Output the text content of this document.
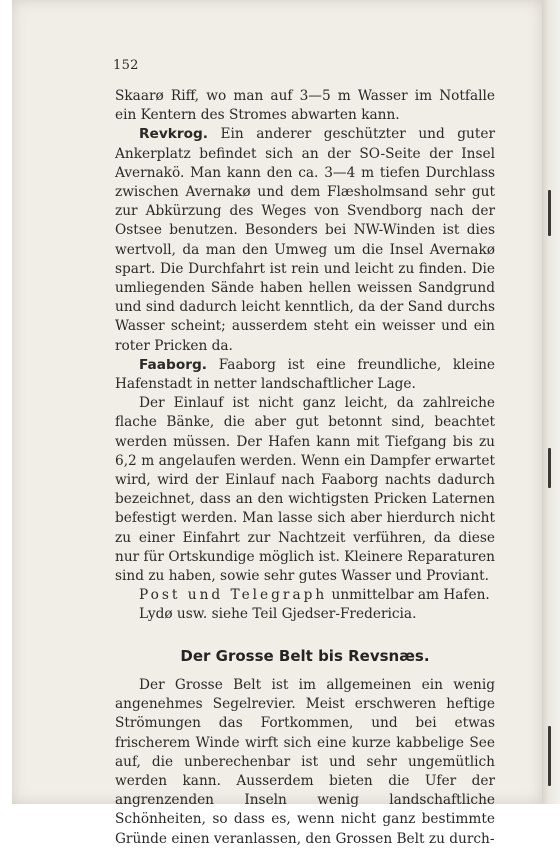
152

Skaarø Riff, wo man auf 3—5 m Wasser im Notfalle ein Kentern des Stromes abwarten kann.

Revkrog. Ein anderer geschützter und guter Ankerplatz befindet sich an der SO-Seite der Insel Avernakö. Man kann den ca. 3—4 m tiefen Durchlass zwischen Avernakø und dem Flæsholmsand sehr gut zur Abkürzung des Weges von Svendborg nach der Ostsee benutzen. Besonders bei NW-Winden ist dies wertvoll, da man den Umweg um die Insel Avernakø spart. Die Durchfahrt ist rein und leicht zu finden. Die umliegenden Sände haben hellen weissen Sandgrund und sind dadurch leicht kenntlich, da der Sand durchs Wasser scheint; ausserdem steht ein weisser und ein roter Pricken da.

Faaborg. Faaborg ist eine freundliche, kleine Hafenstadt in netter landschaftlicher Lage.

Der Einlauf ist nicht ganz leicht, da zahlreiche flache Bänke, die aber gut betonnt sind, beachtet werden müssen. Der Hafen kann mit Tiefgang bis zu 6,2 m angelaufen werden. Wenn ein Dampfer erwartet wird, wird der Einlauf nach Faaborg nachts dadurch bezeichnet, dass an den wichtigsten Pricken Laternen befestigt werden. Man lasse sich aber hierdurch nicht zu einer Einfahrt zur Nachtzeit verführen, da diese nur für Ortskundige möglich ist. Kleinere Reparaturen sind zu haben, sowie sehr gutes Wasser und Proviant.

Post und Telegraph unmittelbar am Hafen.

Lydø usw. siehe Teil Gjedser-Fredericia.

Der Grosse Belt bis Revsnæs.

Der Grosse Belt ist im allgemeinen ein wenig angenehmes Segelrevier. Meist erschweren heftige Strömungen das Fortkommen, und bei etwas frischerem Winde wirft sich eine kurze kabbelige See auf, die unberechenbar ist und sehr ungemütlich werden kann. Ausserdem bieten die Ufer der angrenzenden Inseln wenig landschaftliche Schönheiten, so dass es, wenn nicht ganz bestimmte Gründe einen veranlassen, den Grossen Belt zu durch-
